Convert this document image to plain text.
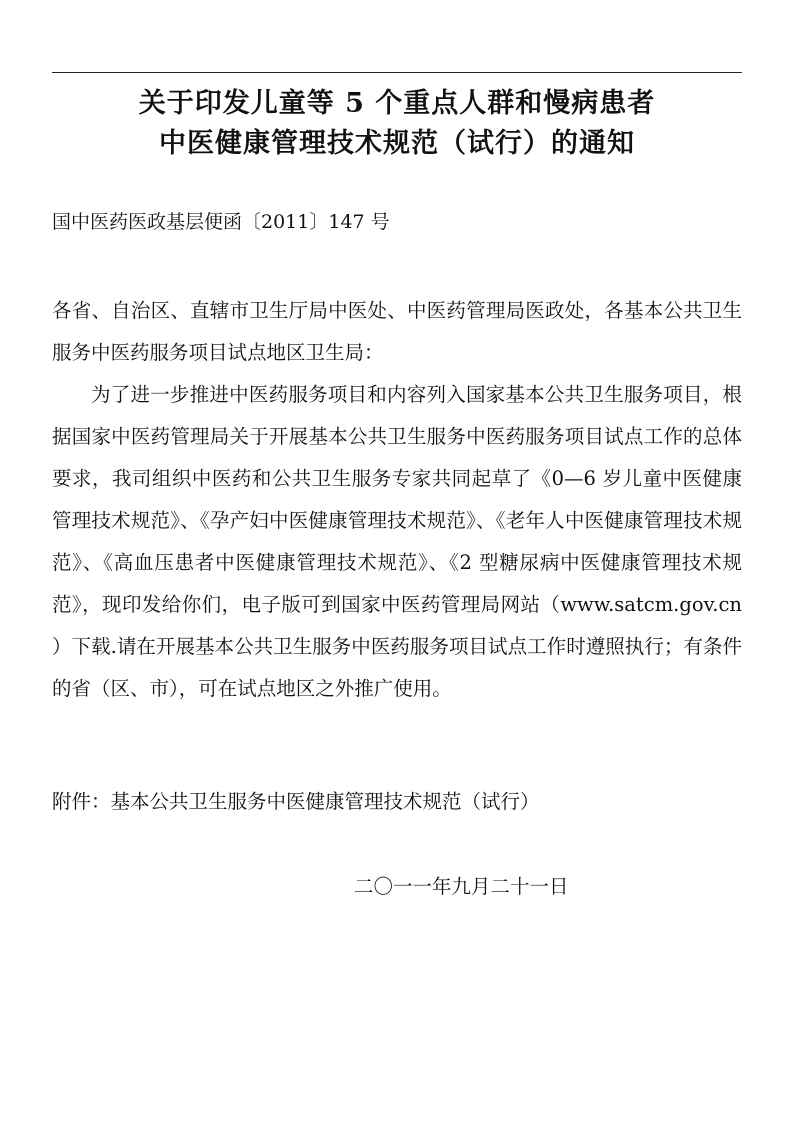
关于印发儿童等 5 个重点人群和慢病患者
中医健康管理技术规范（试行）的通知
国中医药医政基层便函〔2011〕147 号

各省、自治区、直辖市卫生厅局中医处、中医药管理局医政处，各基本公共卫生服务中医药服务项目试点地区卫生局：

为了进一步推进中医药服务项目和内容列入国家基本公共卫生服务项目，根据国家中医药管理局关于开展基本公共卫生服务中医药服务项目试点工作的总体要求，我司组织中医药和公共卫生服务专家共同起草了《0—6 岁儿童中医健康管理技术规范》、《孕产妇中医健康管理技术规范》、《老年人中医健康管理技术规范》、《高血压患者中医健康管理技术规范》、《2 型糖尿病中医健康管理技术规范》，现印发给你们，电子版可到国家中医药管理局网站（www.satcm.gov.cn ）下载.请在开展基本公共卫生服务中医药服务项目试点工作时遵照执行；有条件的省（区、市），可在试点地区之外推广使用。

附件：基本公共卫生服务中医健康管理技术规范（试行）
二〇一一年九月二十一日
